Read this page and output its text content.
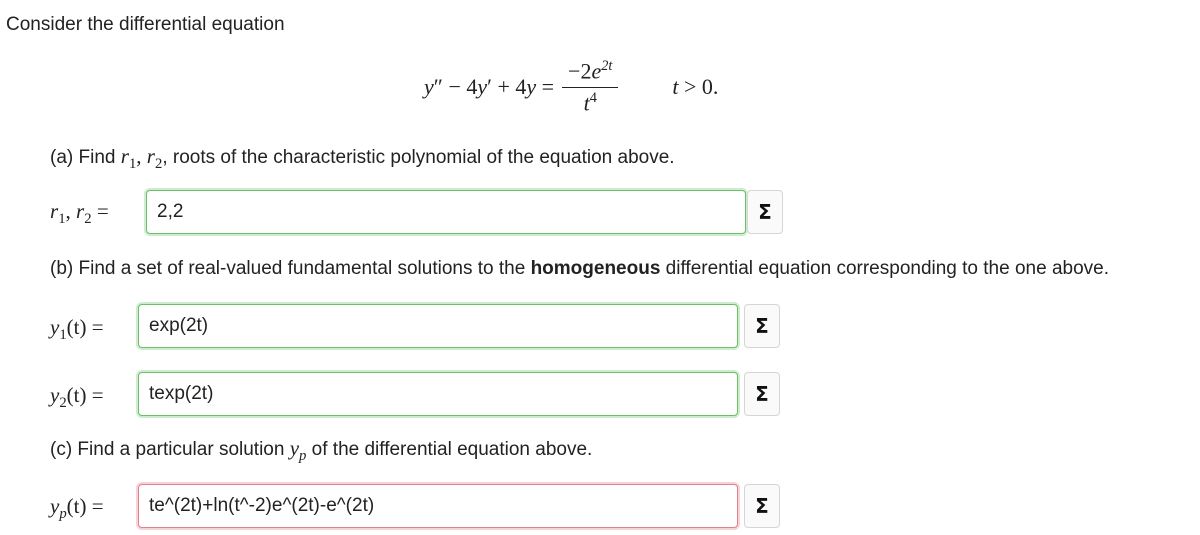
Consider the differential equation
$y'' - 4y' + 4y = \frac{-2e^{2t}}{t^4}$ t > 0.
(a) Find $r_1$, $r_2$, roots of the characteristic polynomial of the equation above.
$r_1$, $r_2$ =
2,2	Σ
(b) Find a set of real-valued fundamental solutions to the homogeneous differential equation corresponding to the one above.
$y_1(t)$ =
exp(2t)	Σ
$y_2(t)$ =
texp(2t)	Σ
(c) Find a particular solution $y_p$ of the differential equation above.
$y_p(t)$ =
te^(2t)+ln(t^-2)e^(2t)-e^(2t)	Σ
